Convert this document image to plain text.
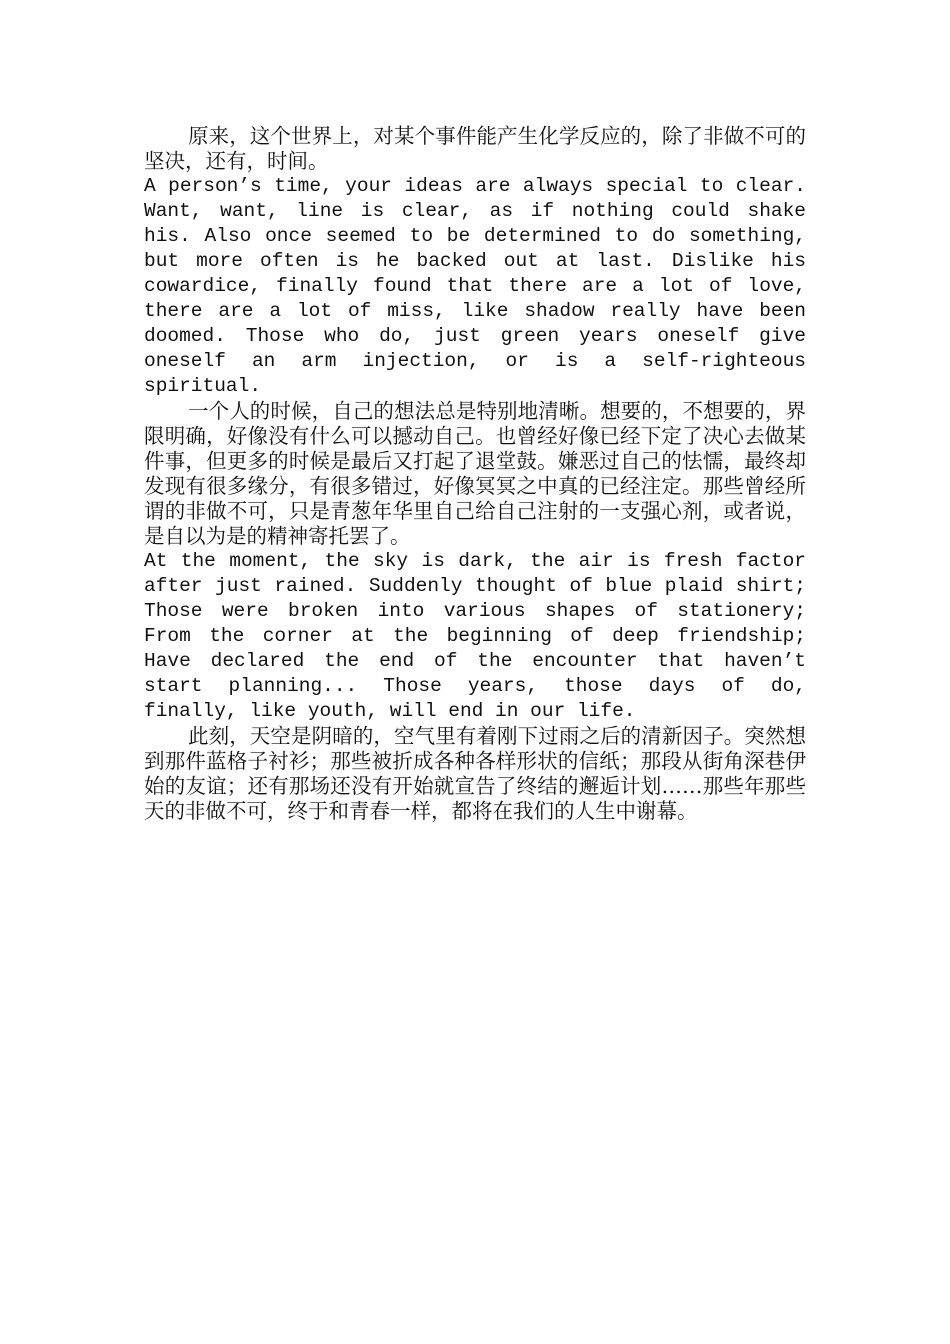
原来，这个世界上，对某个事件能产生化学反应的，除了非做不可的坚决，还有，时间。

A person’s time, your ideas are always special to clear. Want, want, line is clear, as if nothing could shake his. Also once seemed to be determined to do something, but more often is he backed out at last. Dislike his cowardice, finally found that there are a lot of love, there are a lot of miss, like shadow really have been doomed. Those who do, just green years oneself give oneself an arm injection, or is a self-righteous spiritual.

一个人的时候，自己的想法总是特别地清晰。想要的，不想要的，界限明确，好像没有什么可以撼动自己。也曾经好像已经下定了决心去做某件事，但更多的时候是最后又打起了退堂鼓。嫌恶过自己的怯懦，最终却发现有很多缘分，有很多错过，好像冥冥之中真的已经注定。那些曾经所谓的非做不可，只是青葱年华里自己给自己注射的一支强心剂，或者说，是自以为是的精神寄托罢了。

At the moment, the sky is dark, the air is fresh factor after just rained. Suddenly thought of blue plaid shirt; Those were broken into various shapes of stationery; From the corner at the beginning of deep friendship; Have declared the end of the encounter that haven’t start planning... Those years, those days of do, finally, like youth, will end in our life.

此刻，天空是阴暗的，空气里有着刚下过雨之后的清新因子。突然想到那件蓝格子衬衫；那些被折成各种各样形状的信纸；那段从街角深巷伊始的友谊；还有那场还没有开始就宣告了终结的邂逅计划……那些年那些天的非做不可，终于和青春一样，都将在我们的人生中谢幕。
